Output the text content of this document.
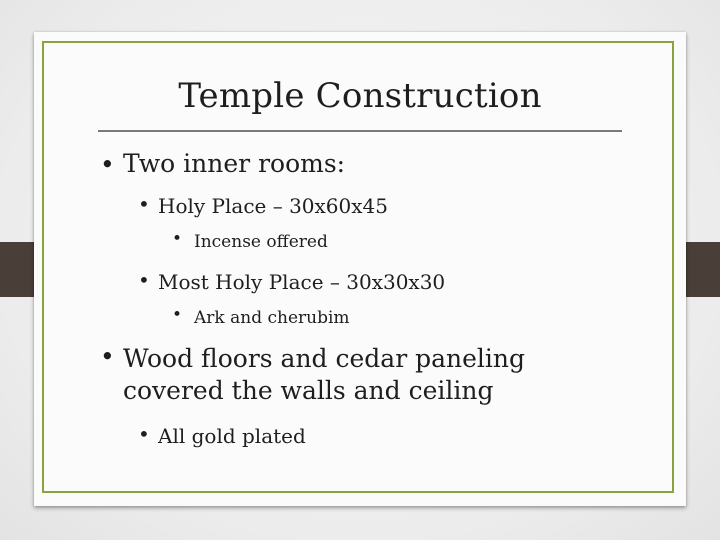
Temple Construction
• Two inner rooms:
• Holy Place – 30x60x45
• Incense offered
• Most Holy Place – 30x30x30
• Ark and cherubim
• Wood floors and cedar paneling covered the walls and ceiling
• All gold plated
